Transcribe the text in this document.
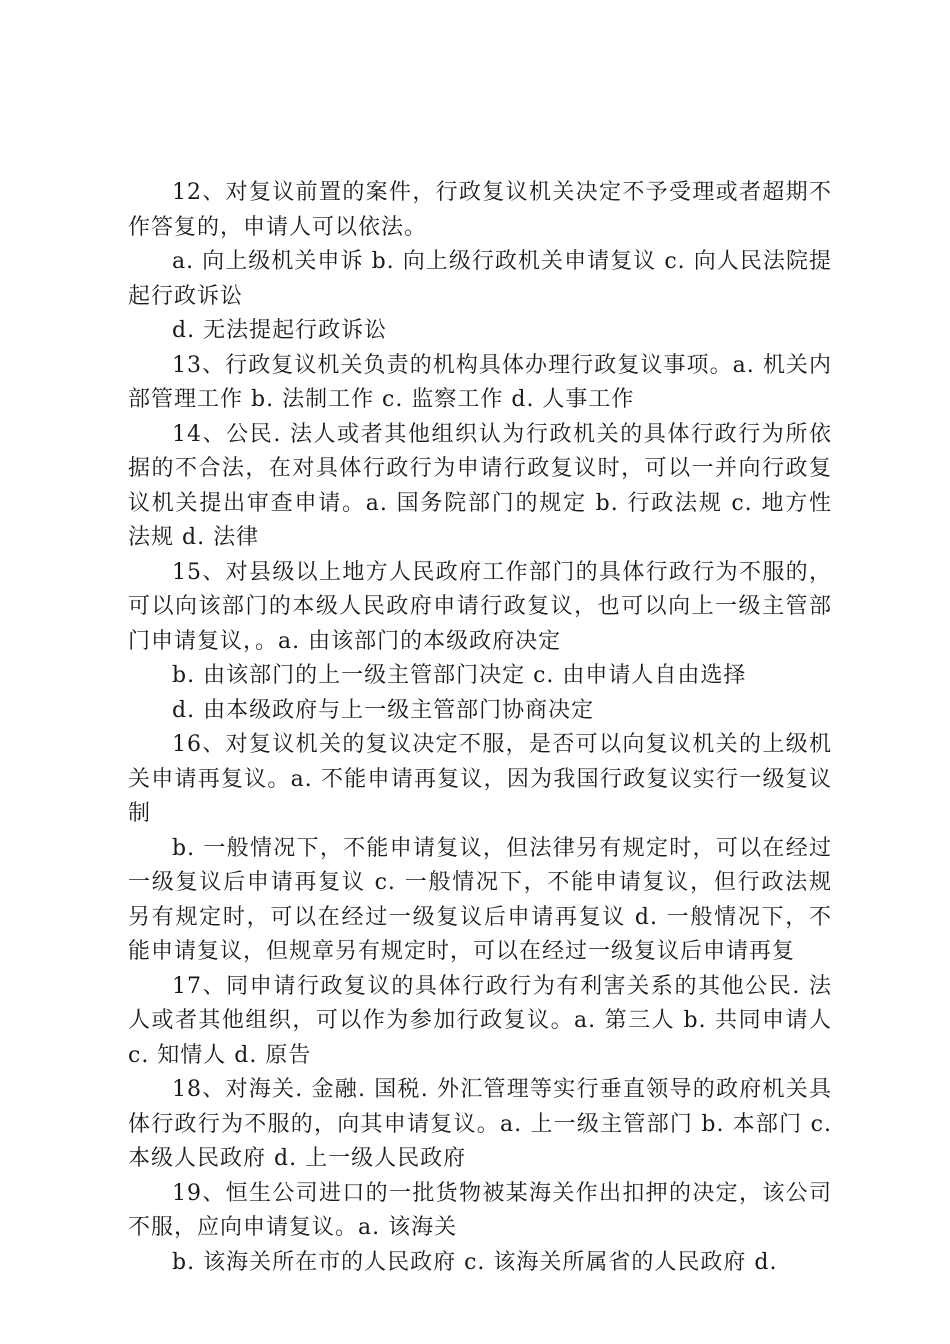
12、对复议前置的案件，行政复议机关决定不予受理或者超期不作答复的，申请人可以依法。

a. 向上级机关申诉 b. 向上级行政机关申请复议 c. 向人民法院提起行政诉讼

d. 无法提起行政诉讼

13、行政复议机关负责的机构具体办理行政复议事项。a. 机关内部管理工作 b. 法制工作 c. 监察工作 d. 人事工作

14、公民. 法人或者其他组织认为行政机关的具体行政行为所依据的不合法，在对具体行政行为申请行政复议时，可以一并向行政复议机关提出审查申请。a. 国务院部门的规定 b. 行政法规 c. 地方性法规 d. 法律

15、对县级以上地方人民政府工作部门的具体行政行为不服的，可以向该部门的本级人民政府申请行政复议，也可以向上一级主管部门申请复议，。a. 由该部门的本级政府决定

b. 由该部门的上一级主管部门决定 c. 由申请人自由选择

d. 由本级政府与上一级主管部门协商决定

16、对复议机关的复议决定不服，是否可以向复议机关的上级机关申请再复议。a. 不能申请再复议，因为我国行政复议实行一级复议制

b. 一般情况下，不能申请复议，但法律另有规定时，可以在经过一级复议后申请再复议 c. 一般情况下，不能申请复议，但行政法规另有规定时，可以在经过一级复议后申请再复议 d. 一般情况下，不能申请复议，但规章另有规定时，可以在经过一级复议后申请再复

17、同申请行政复议的具体行政行为有利害关系的其他公民. 法人或者其他组织，可以作为参加行政复议。a. 第三人 b. 共同申请人 c. 知情人 d. 原告

18、对海关. 金融. 国税. 外汇管理等实行垂直领导的政府机关具体行政行为不服的，向其申请复议。a. 上一级主管部门 b. 本部门 c. 本级人民政府 d. 上一级人民政府

19、恒生公司进口的一批货物被某海关作出扣押的决定，该公司不服，应向申请复议。a. 该海关

b. 该海关所在市的人民政府 c. 该海关所属省的人民政府 d.
